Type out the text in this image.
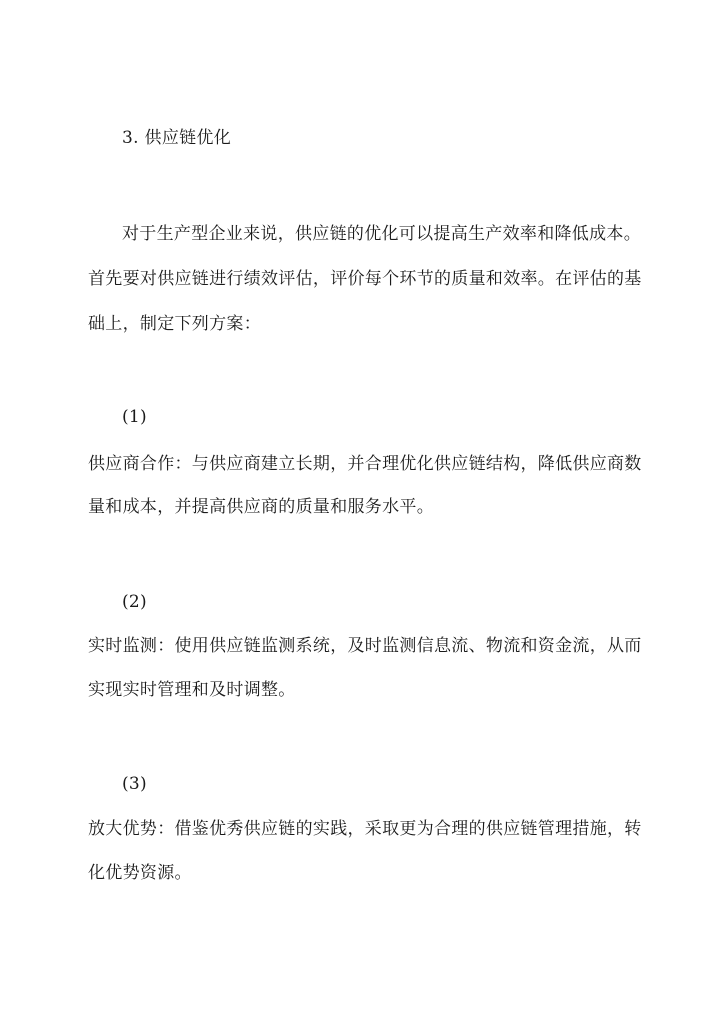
3. 供应链优化
对于生产型企业来说，供应链的优化可以提高生产效率和降低成本。
首先要对供应链进行绩效评估，评价每个环节的质量和效率。在评估的基
础上，制定下列方案：
(1)
供应商合作：与供应商建立长期，并合理优化供应链结构，降低供应商数
量和成本，并提高供应商的质量和服务水平。
(2)
实时监测：使用供应链监测系统，及时监测信息流、物流和资金流，从而
实现实时管理和及时调整。
(3)
放大优势：借鉴优秀供应链的实践，采取更为合理的供应链管理措施，转
化优势资源。
